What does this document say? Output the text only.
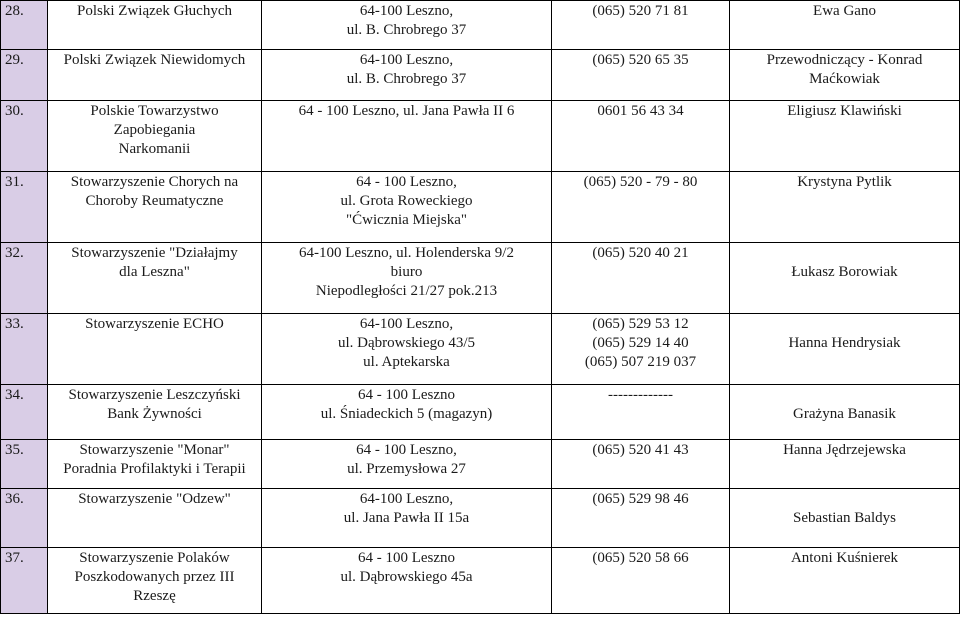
28.	Polski Związek Głuchych	64-100 Leszno,
ul. B. Chrobrego 37	(065) 520 71 81	Ewa Gano

29.	Polski Związek Niewidomych	64-100 Leszno,
ul. B. Chrobrego 37	(065) 520 65 35	Przewodniczący - Konrad
Maćkowiak

30.	Polskie Towarzystwo
Zapobiegania
Narkomanii	64 - 100 Leszno, ul. Jana Pawła II 6	0601 56 43 34	Eligiusz Klawiński

31.	Stowarzyszenie Chorych na
Choroby Reumatyczne	64 - 100 Leszno,
ul. Grota Roweckiego
"Ćwicznia Miejska"	(065) 520 - 79 - 80	Krystyna Pytlik

32.	Stowarzyszenie "Działajmy
dla Leszna"	64-100 Leszno, ul. Holenderska 9/2
biuro
Niepodległości 21/27 pok.213	(065) 520 40 21	Łukasz Borowiak

33.	Stowarzyszenie ECHO	64-100 Leszno,
ul. Dąbrowskiego 43/5
ul. Aptekarska	(065) 529 53 12
(065) 529 14 40
(065) 507 219 037	Hanna Hendrysiak

34.	Stowarzyszenie Leszczyński
Bank Żywności	64 - 100 Leszno
ul. Śniadeckich 5 (magazyn)	-------------	Grażyna Banasik

35.	Stowarzyszenie "Monar"
Poradnia Profilaktyki i Terapii	64 - 100 Leszno,
ul. Przemysłowa 27	(065) 520 41 43	Hanna Jędrzejewska

36.	Stowarzyszenie "Odzew"	64-100 Leszno,
ul. Jana Pawła II 15a	(065) 529 98 46	Sebastian Baldys

37.	Stowarzyszenie Polaków
Poszkodowanych przez III
Rzeszę	64 - 100 Leszno
ul. Dąbrowskiego 45a	(065) 520 58 66	Antoni Kuśnierek
